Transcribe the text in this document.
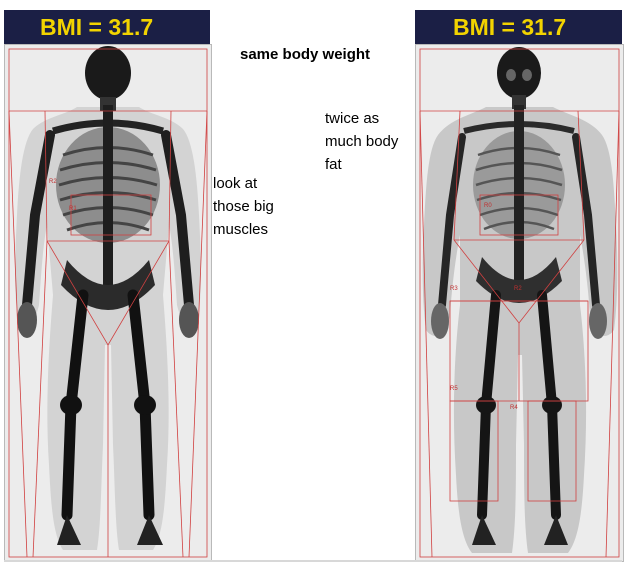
BMI = 31.7
R2
R1
BMI = 31.7
R0
R3	R2
R5
R4
same body weight
twice as
much body
fat
look at
those big
muscles
